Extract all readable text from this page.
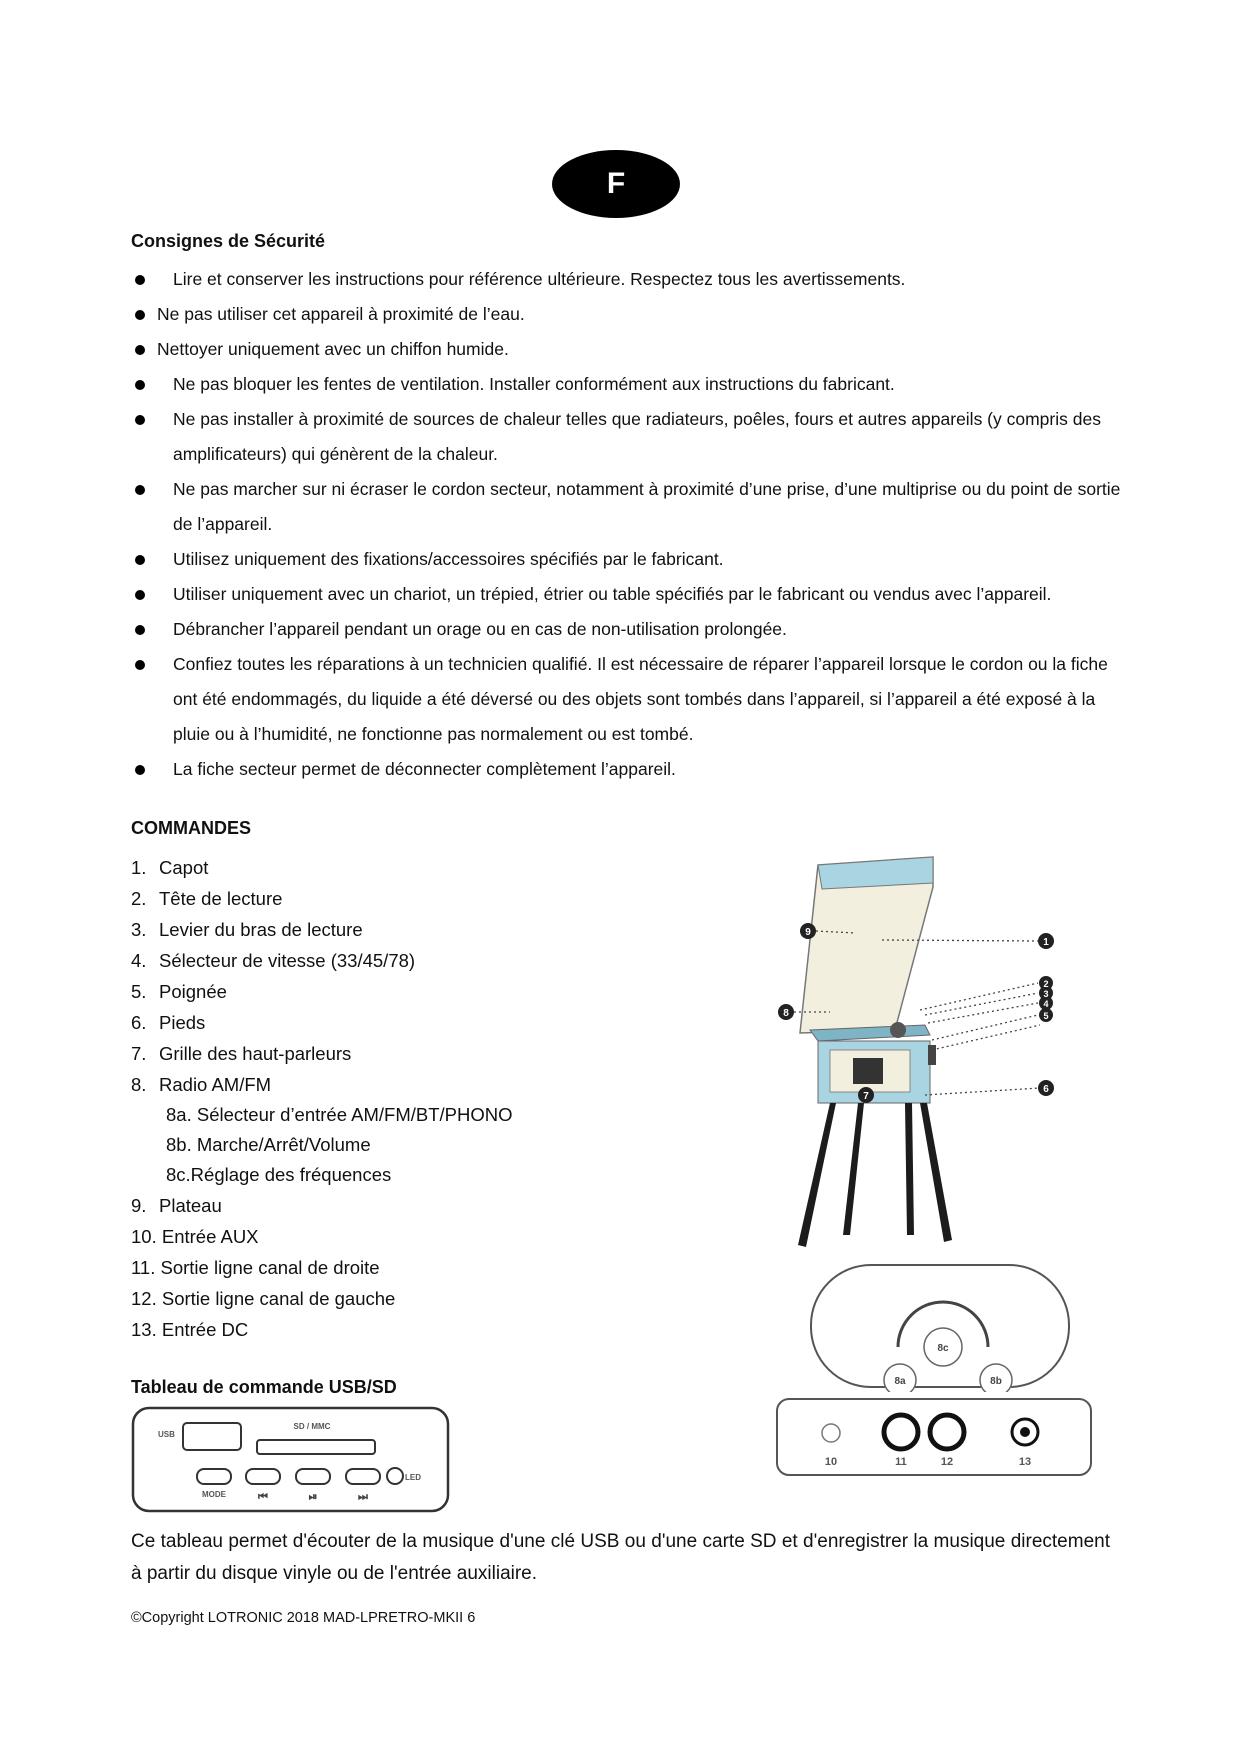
F
Consignes de Sécurité
Lire et conserver les instructions pour référence ultérieure. Respectez tous les avertissements.
Ne pas utiliser cet appareil à proximité de l’eau.
Nettoyer uniquement avec un chiffon humide.
Ne pas bloquer les fentes de ventilation. Installer conformément aux instructions du fabricant.
Ne pas installer à proximité de sources de chaleur telles que radiateurs, poêles, fours et autres appareils (y compris des amplificateurs) qui génèrent de la chaleur.
Ne pas marcher sur ni écraser le cordon secteur, notamment à proximité d’une prise, d’une multiprise ou du point de sortie de l’appareil.
Utilisez uniquement des fixations/accessoires spécifiés par le fabricant.
Utiliser uniquement avec un chariot, un trépied, étrier ou table spécifiés par le fabricant ou vendus avec l’appareil.
Débrancher l’appareil pendant un orage ou en cas de non-utilisation prolongée.
Confiez toutes les réparations à un technicien qualifié. Il est nécessaire de réparer l’appareil lorsque le cordon ou la fiche ont été endommagés, du liquide a été déversé ou des objets sont tombés dans l’appareil, si l’appareil a été exposé à la pluie ou à l’humidité, ne fonctionne pas normalement ou est tombé.
La fiche secteur permet de déconnecter complètement l’appareil.
COMMANDES
1. Capot
2. Tête de lecture
3. Levier du bras de lecture
4. Sélecteur de vitesse (33/45/78)
5. Poignée
6. Pieds
7. Grille des haut-parleurs
8. Radio AM/FM
8a. Sélecteur d’entrée AM/FM/BT/PHONO
8b. Marche/Arrêt/Volume
8c.Réglage des fréquences
9. Plateau
10. Entrée AUX
11. Sortie ligne canal de droite
12. Sortie ligne canal de gauche
13. Entrée DC
1
2
3
4
5
6
7
8
9
8c
8a	8b
10	11	12	13
Tableau de commande USB/SD
USB
SD / MMC
LED
MODE	⏮	⏯	⏭

Ce tableau permet d'écouter de la musique d'une clé USB ou d'une carte SD et d'enregistrer la musique directement à partir du disque vinyle ou de l'entrée auxiliaire.

©Copyright LOTRONIC 2018 MAD-LPRETRO-MKII 6
